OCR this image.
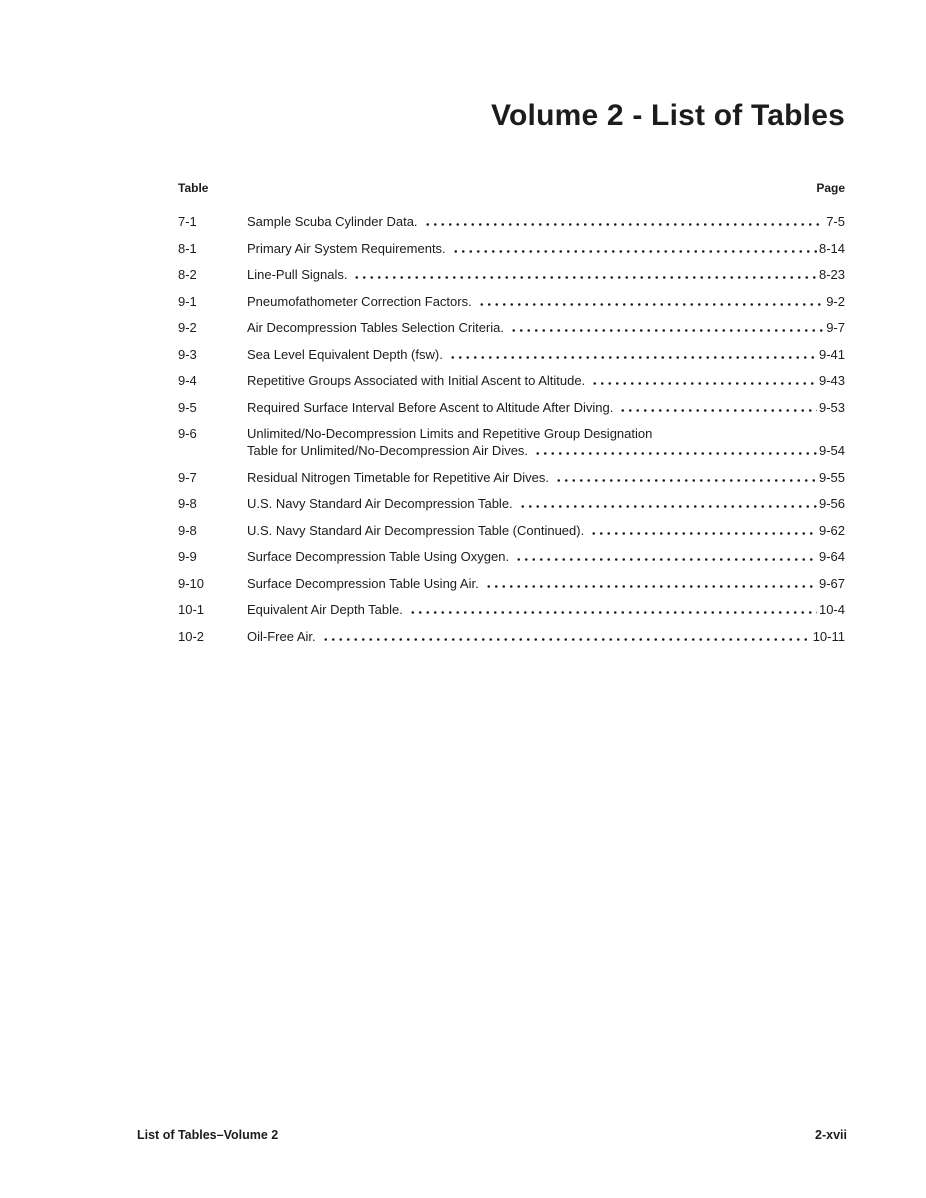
Volume 2 - List of Tables
Table	Page
7-1	Sample Scuba Cylinder Data.	7-5
8-1	Primary Air System Requirements.	8-14
8-2	Line-Pull Signals.	8-23
9-1	Pneumofathometer Correction Factors.	9-2
9-2	Air Decompression Tables Selection Criteria.	9-7
9-3	Sea Level Equivalent Depth (fsw).	9-41
9-4	Repetitive Groups Associated with Initial Ascent to Altitude.	9-43
9-5	Required Surface Interval Before Ascent to Altitude After Diving.	9-53
9-6	Unlimited/No-Decompression Limits and Repetitive Group Designation
Table for Unlimited/No-Decompression Air Dives.	9-54
9-7	Residual Nitrogen Timetable for Repetitive Air Dives.	9-55
9-8	U.S. Navy Standard Air Decompression Table.	9-56
9-8	U.S. Navy Standard Air Decompression Table (Continued).	9-62
9-9	Surface Decompression Table Using Oxygen.	9-64
9-10	Surface Decompression Table Using Air.	9-67
10-1	Equivalent Air Depth Table.	10-4
10-2	Oil-Free Air.	10-11
List of Tables–Volume 2	2-xvii
